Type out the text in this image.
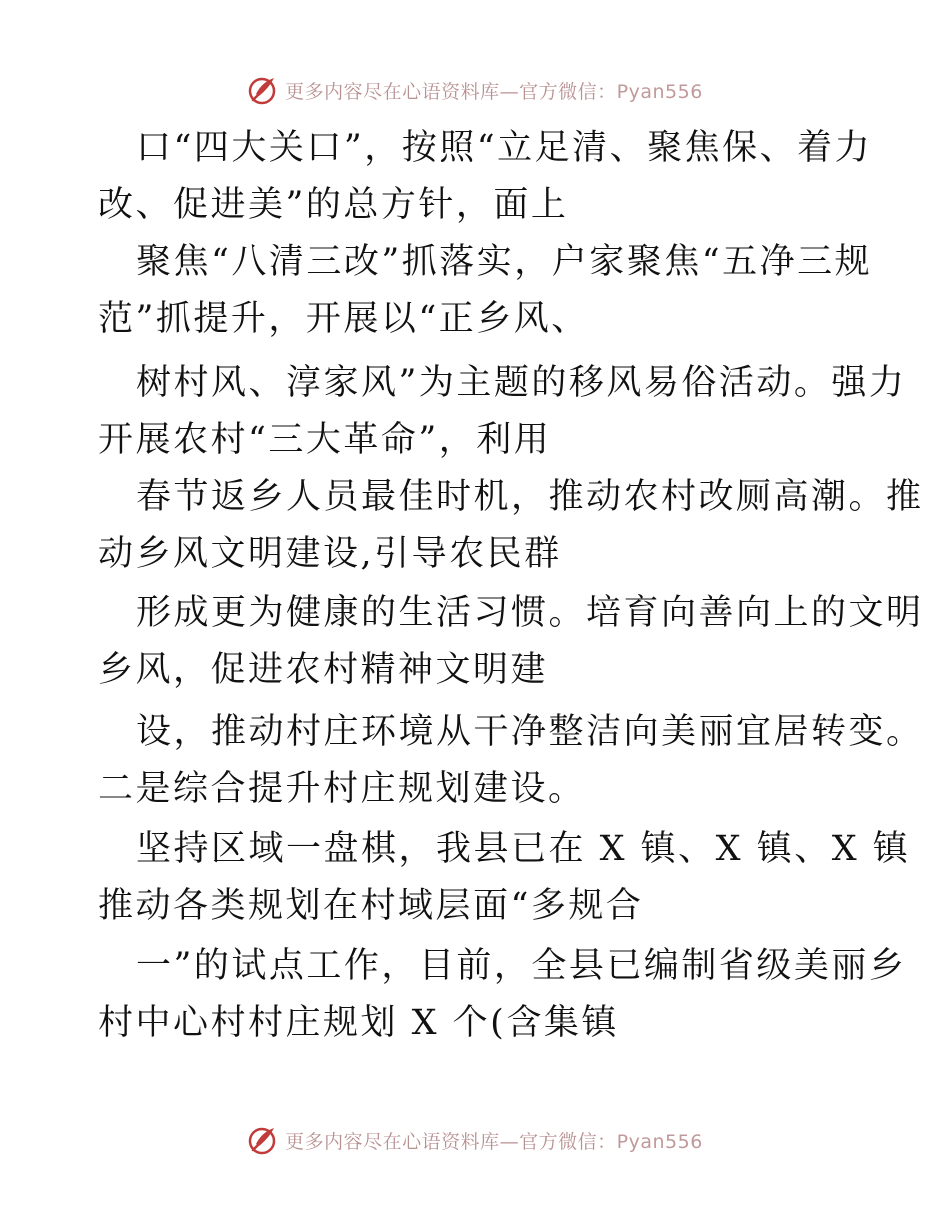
更多内容尽在心语资料库—官方微信：Pyan556
口“四大关口”，按照“立足清、聚焦保、着力
改、促进美”的总方针，面上
聚焦“八清三改”抓落实，户家聚焦“五净三规
范”抓提升，开展以“正乡风、
树村风、淳家风”为主题的移风易俗活动。强力
开展农村“三大革命”，利用
春节返乡人员最佳时机，推动农村改厕高潮。推
动乡风文明建设,引导农民群
形成更为健康的生活习惯。培育向善向上的文明
乡风，促进农村精神文明建
设，推动村庄环境从干净整洁向美丽宜居转变。
二是综合提升村庄规划建设。
坚持区域一盘棋，我县已在 X 镇、X 镇、X 镇
推动各类规划在村域层面“多规合
一”的试点工作，目前，全县已编制省级美丽乡
村中心村村庄规划 X 个(含集镇
更多内容尽在心语资料库—官方微信：Pyan556
